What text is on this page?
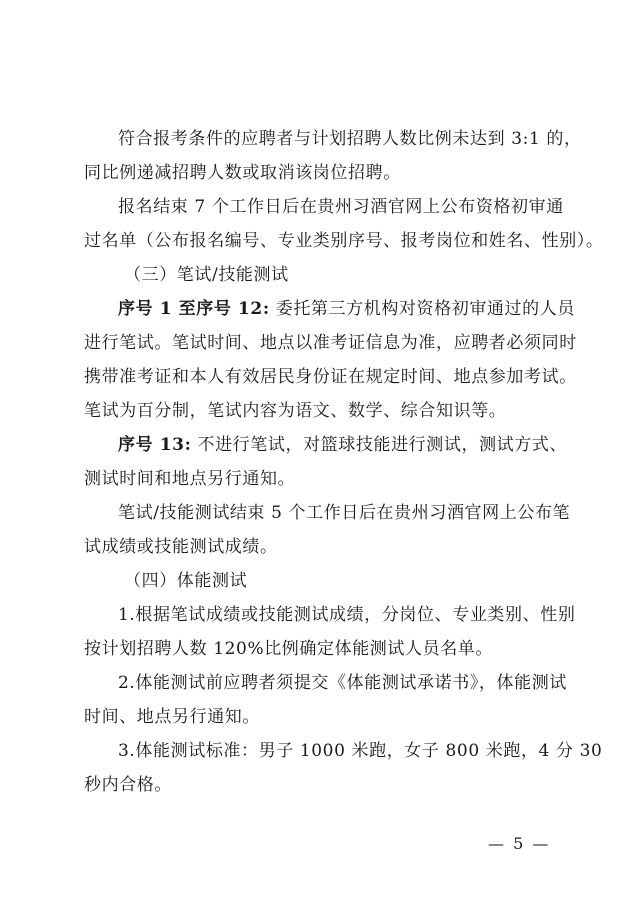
符合报考条件的应聘者与计划招聘人数比例未达到 3:1 的，
同比例递减招聘人数或取消该岗位招聘。
报名结束 7 个工作日后在贵州习酒官网上公布资格初审通
过名单（公布报名编号、专业类别序号、报考岗位和姓名、性别）。
（三）笔试/技能测试
序号 1 至序号 12: 委托第三方机构对资格初审通过的人员
进行笔试。笔试时间、地点以准考证信息为准，应聘者必须同时
携带准考证和本人有效居民身份证在规定时间、地点参加考试。
笔试为百分制，笔试内容为语文、数学、综合知识等。
序号 13: 不进行笔试，对篮球技能进行测试，测试方式、
测试时间和地点另行通知。
笔试/技能测试结束 5 个工作日后在贵州习酒官网上公布笔
试成绩或技能测试成绩。
（四）体能测试
1.根据笔试成绩或技能测试成绩，分岗位、专业类别、性别
按计划招聘人数 120%比例确定体能测试人员名单。
2.体能测试前应聘者须提交《体能测试承诺书》，体能测试
时间、地点另行通知。
3.体能测试标准：男子 1000 米跑，女子 800 米跑，4 分 30
秒内合格。
— 5 —
